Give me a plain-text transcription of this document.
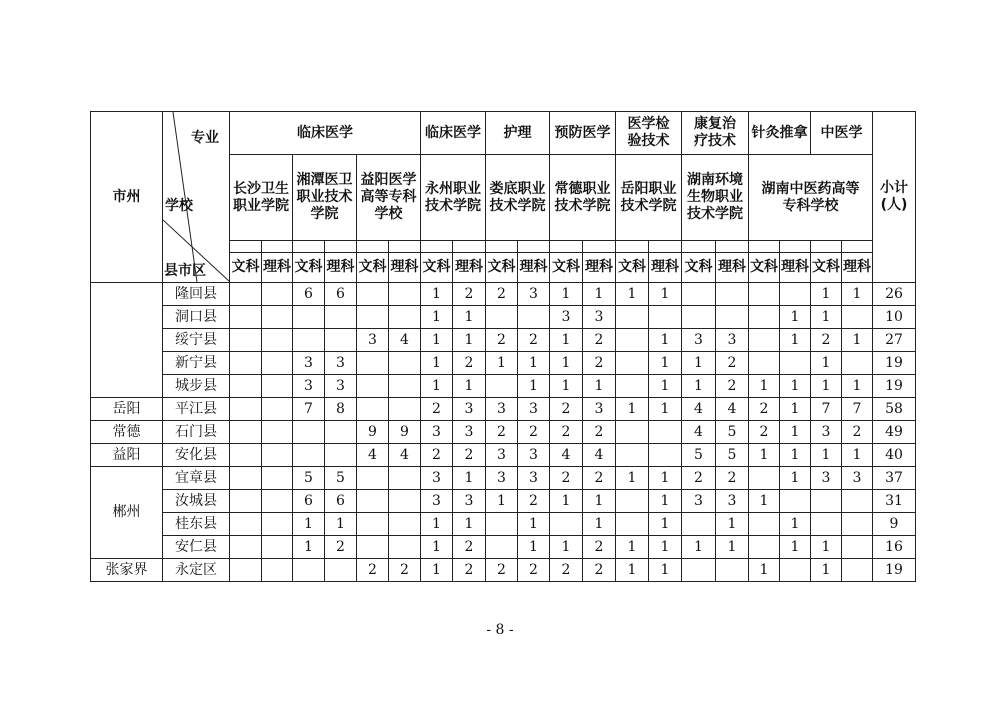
市州	专业
学校
县市区	临床医学						临床医学		护理		预防医学		医学检验技术		康复治疗技术		针灸推拿		中医学		小计(人)

		长沙卫生职业学院		湘潭医卫职业技术学院		益阳医学高等专科学校		永州职业技术学院		娄底职业技术学院		常德职业技术学院		岳阳职业技术学院		湖南环境生物职业技术学院		湖南中医药高等专科学校				

		文科	理科	文科	理科	文科	理科	文科	理科	文科	理科	文科	理科	文科	理科	文科	理科	文科	理科	文科	理科	
	隆回县			6	6			1	2	2	3	1	1	1	1					1	1	26
	洞口县							1	1			3	3						1	1		10
	绥宁县					3	4	1	1	2	2	1	2		1	3	3		1	2	1	27
	新宁县			3	3			1	2	1	1	1	2		1	1	2			1		19
	城步县			3	3			1	1		1	1	1		1	1	2	1	1	1	1	19
岳阳	平江县			7	8			2	3	3	3	2	3	1	1	4	4	2	1	7	7	58
常德	石门县					9	9	3	3	2	2	2	2			4	5	2	1	3	2	49
益阳	安化县					4	4	2	2	3	3	4	4			5	5	1	1	1	1	40
郴州	宜章县			5	5			3	1	3	3	2	2	1	1	2	2		1	3	3	37
	汝城县			6	6			3	3	1	2	1	1		1	3	3	1				31
	桂东县			1	1			1	1		1		1		1		1		1			9
	安仁县			1	2			1	2		1	1	2	1	1	1	1		1	1		16
张家界	永定区					2	2	1	2	2	2	2	2	1	1			1		1		19
- 8 -
